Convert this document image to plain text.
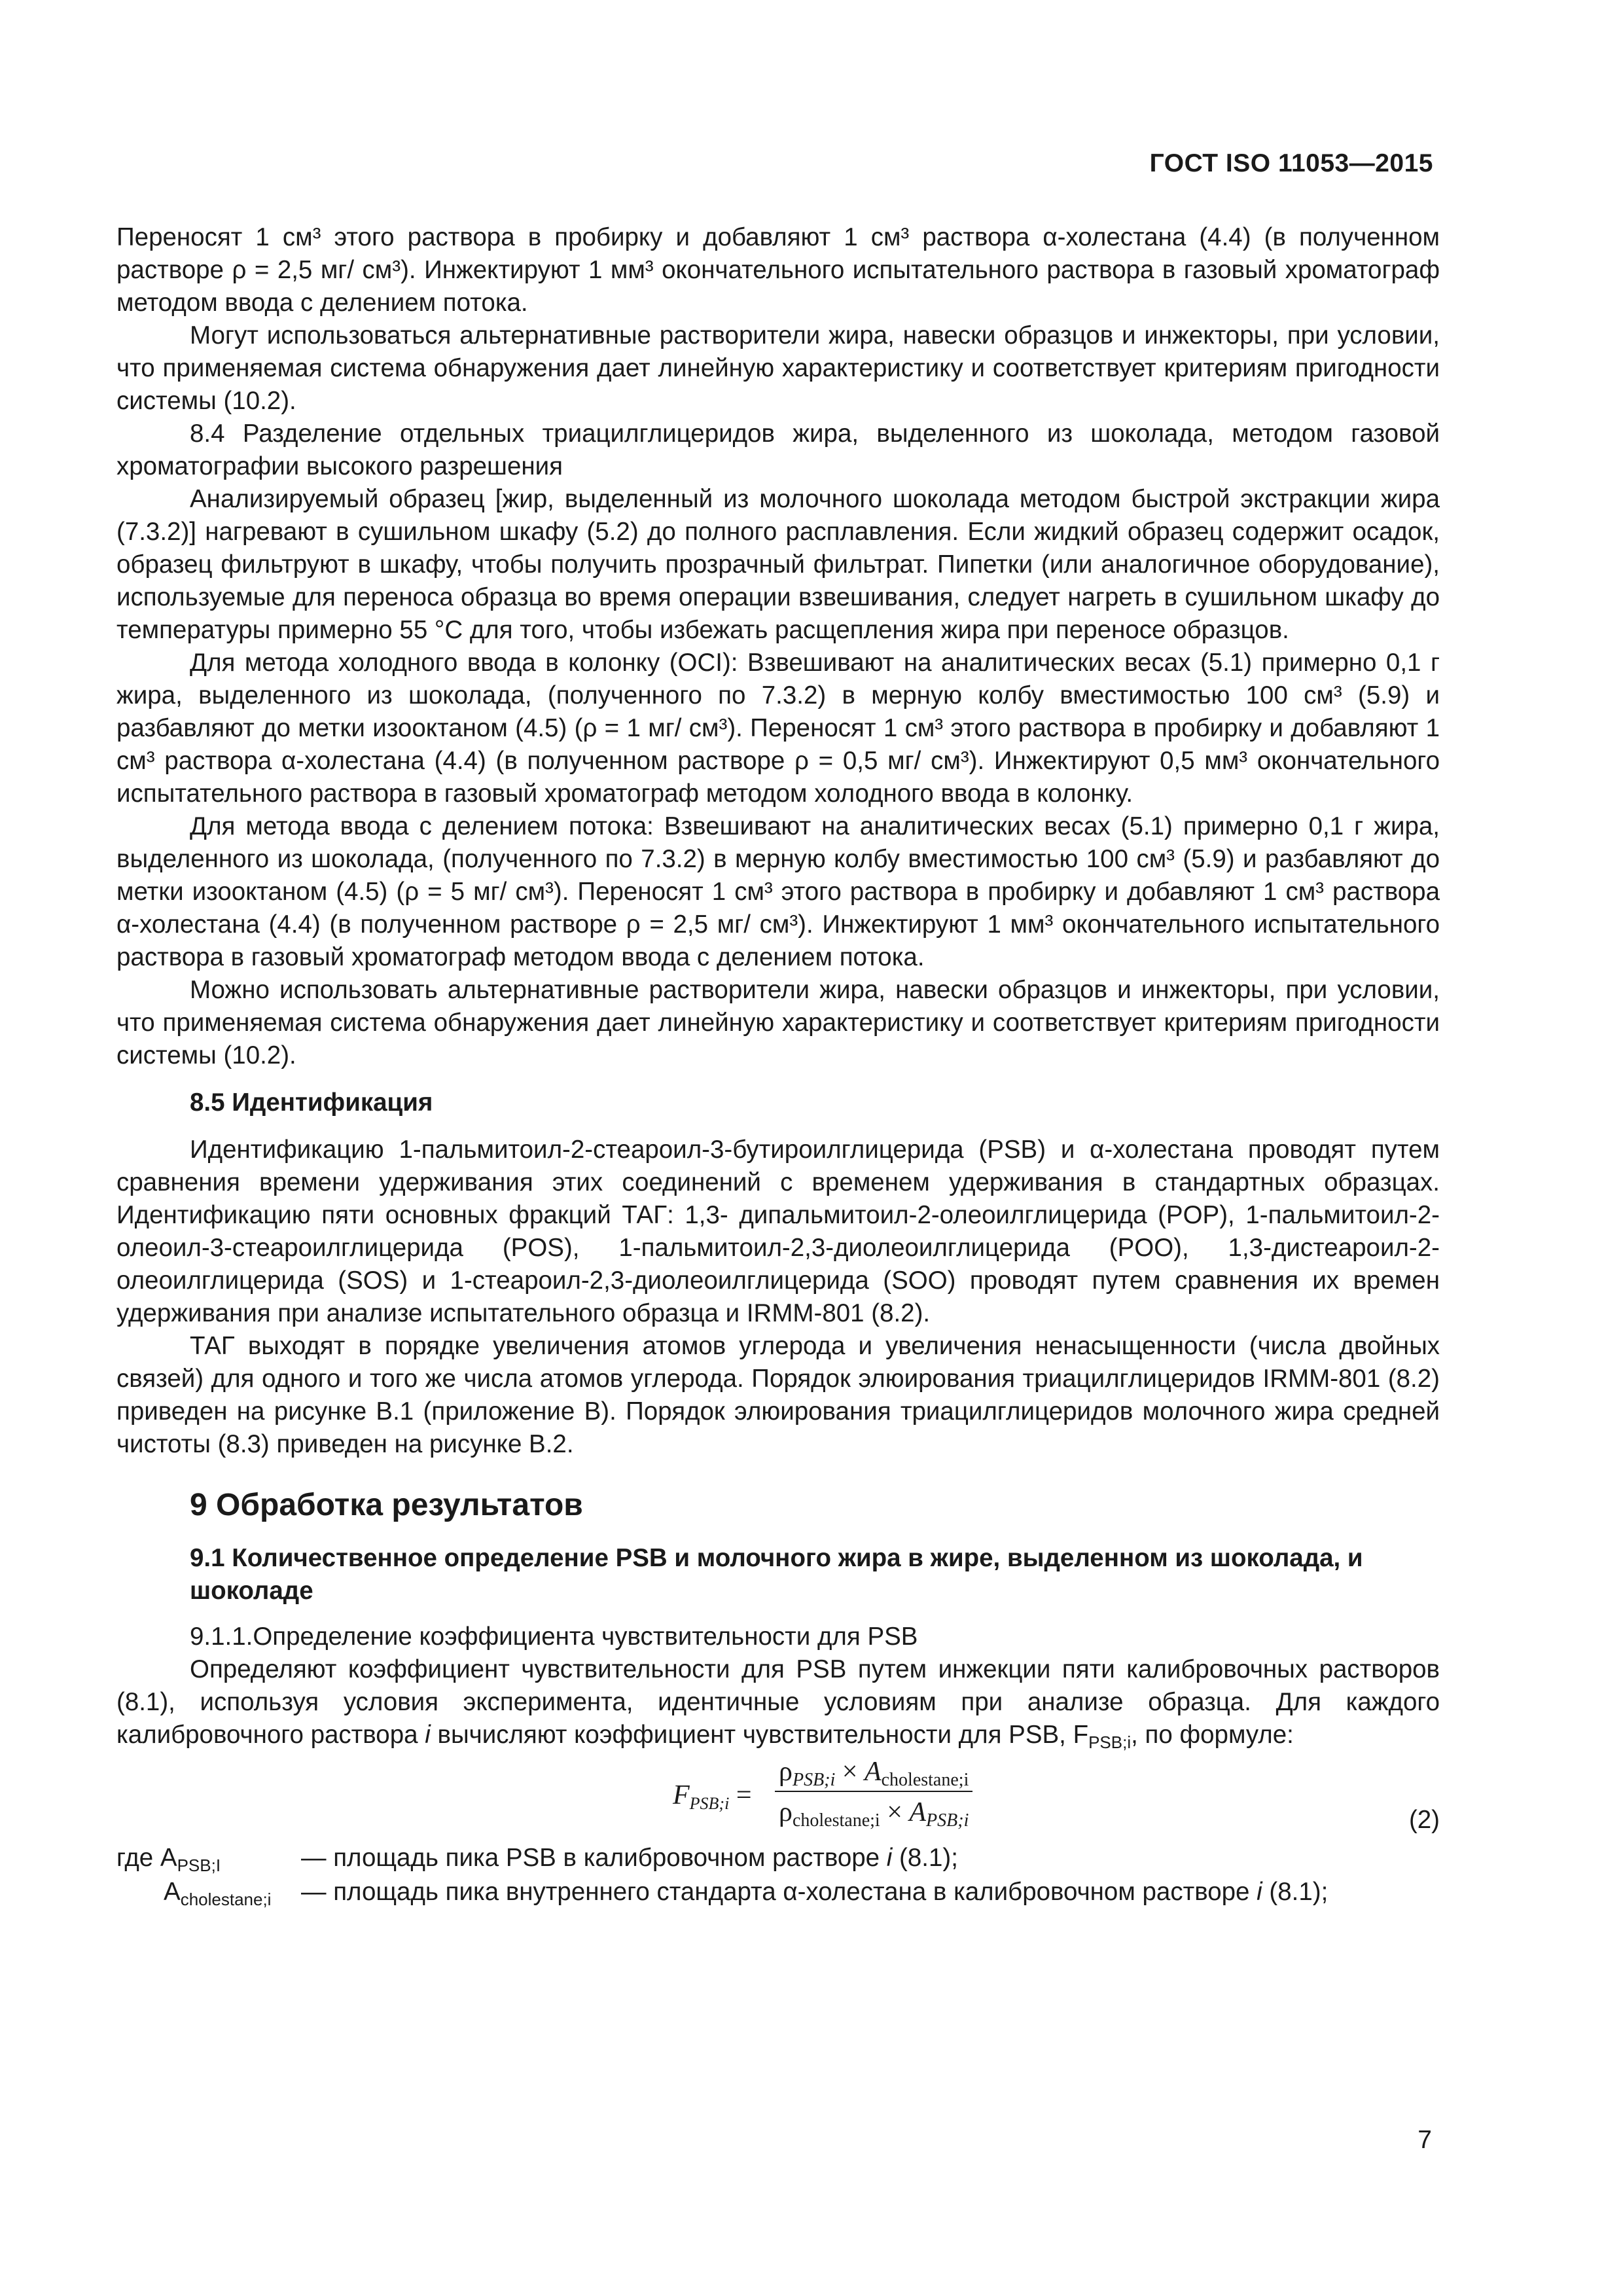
ГОСТ ISO 11053—2015

Переносят 1 см³ этого раствора в пробирку и добавляют 1 см³ раствора α-холестана (4.4) (в полученном растворе ρ = 2,5 мг/ см³). Инжектируют 1 мм³ окончательного испытательного раствора в газовый хроматограф методом ввода с делением потока.

Могут использоваться альтернативные растворители жира, навески образцов и инжекторы, при условии, что применяемая система обнаружения дает линейную характеристику и соответствует критериям пригодности системы (10.2).

8.4 Разделение отдельных триацилглицеридов жира, выделенного из шоколада, методом газовой хроматографии высокого разрешения

Анализируемый образец [жир, выделенный из молочного шоколада методом быстрой экстракции жира (7.3.2)] нагревают в сушильном шкафу (5.2) до полного расплавления. Если жидкий образец содержит осадок, образец фильтруют в шкафу, чтобы получить прозрачный фильтрат. Пипетки (или аналогичное оборудование), используемые для переноса образца во время операции взвешивания, следует нагреть в сушильном шкафу до температуры примерно 55 °С для того, чтобы избежать расщепления жира при переносе образцов.

Для метода холодного ввода в колонку (OCI): Взвешивают на аналитических весах (5.1) примерно 0,1 г жира, выделенного из шоколада, (полученного по 7.3.2) в мерную колбу вместимостью 100 см³ (5.9) и разбавляют до метки изооктаном (4.5) (ρ = 1 мг/ см³). Переносят 1 см³ этого раствора в пробирку и добавляют 1 см³ раствора α-холестана (4.4) (в полученном растворе ρ = 0,5 мг/ см³). Инжектируют 0,5 мм³ окончательного испытательного раствора в газовый хроматограф методом холодного ввода в колонку.

Для метода ввода с делением потока: Взвешивают на аналитических весах (5.1) примерно 0,1 г жира, выделенного из шоколада, (полученного по 7.3.2) в мерную колбу вместимостью 100 см³ (5.9) и разбавляют до метки изооктаном (4.5) (ρ = 5 мг/ см³). Переносят 1 см³ этого раствора в пробирку и добавляют 1 см³ раствора α-холестана (4.4) (в полученном растворе ρ = 2,5 мг/ см³). Инжектируют 1 мм³ окончательного испытательного раствора в газовый хроматограф методом ввода с делением потока.

Можно использовать альтернативные растворители жира, навески образцов и инжекторы, при условии, что применяемая система обнаружения дает линейную характеристику и соответствует критериям пригодности системы (10.2).

8.5 Идентификация

Идентификацию 1-пальмитоил-2-стеароил-3-бутироилглицерида (PSB) и α-холестана проводят путем сравнения времени удерживания этих соединений с временем удерживания в стандартных образцах. Идентификацию пяти основных фракций ТАГ: 1,3- дипальмитоил-2-олеоилглицерида (POP), 1-пальмитоил-2-олеоил-3-стеароилглицерида (POS), 1-пальмитоил-2,3-диолеоилглицерида (POO), 1,3-дистеароил-2-олеоилглицерида (SOS) и 1-стеароил-2,3-диолеоилглицерида (SOO) проводят путем сравнения их времен удерживания при анализе испытательного образца и IRMM-801 (8.2).

ТАГ выходят в порядке увеличения атомов углерода и увеличения ненасыщенности (числа двойных связей) для одного и того же числа атомов углерода. Порядок элюирования триацилглицеридов IRMM-801 (8.2) приведен на рисунке В.1 (приложение В). Порядок элюирования триацилглицеридов молочного жира средней чистоты (8.3) приведен на рисунке В.2.

9 Обработка результатов

9.1 Количественное определение PSB и молочного жира в жире, выделенном из шоколада, и шоколаде

9.1.1.Определение коэффициента чувствительности для PSB

Определяют коэффициент чувствительности для PSB путем инжекции пяти калибровочных растворов (8.1), используя условия эксперимента, идентичные условиям при анализе образца. Для каждого калибровочного раствора i вычисляют коэффициент чувствительности для PSB, $F_{PSB;i}$, по формуле:

$F_{PSB;i}$ =
$\rho_{PSB;i} \times A_{cholestane;i}$
$\rho_{cholestane;i} \times A_{PSB;i}$	(2)
где $A_{PSB;I}$	— площадь пика PSB в калибровочном растворе i (8.1);
$A_{cholestane;i}$ — площадь пика внутреннего стандарта α-холестана в калибровочном растворе i (8.1);
7
